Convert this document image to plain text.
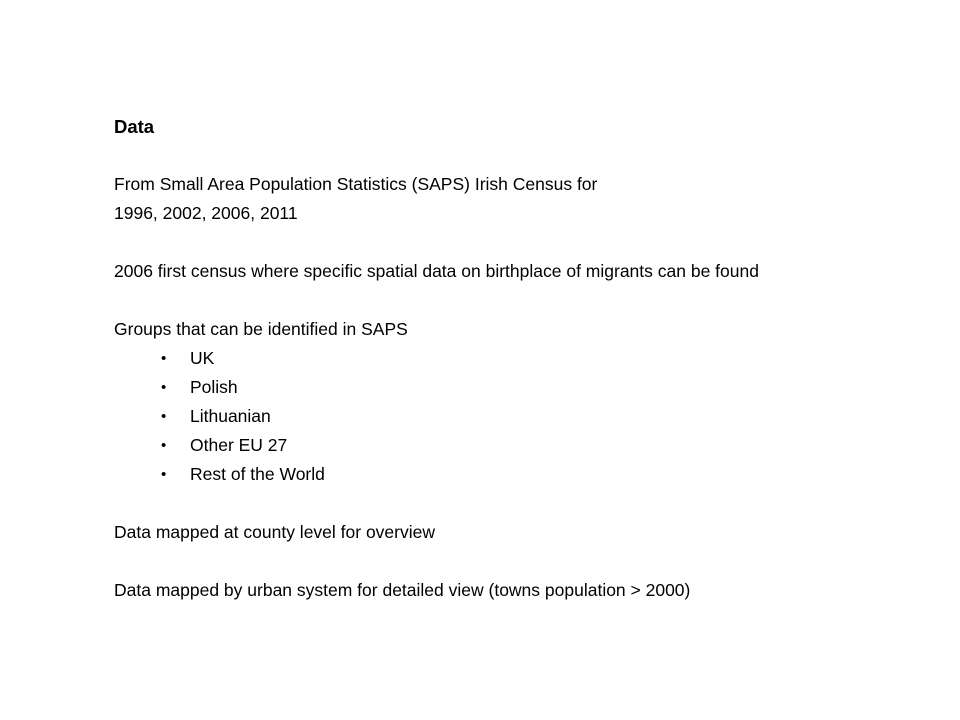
Data
From Small Area Population Statistics (SAPS) Irish Census for
1996, 2002, 2006, 2011
2006 first census where specific spatial data on birthplace of migrants can be found
Groups that can be identified in SAPS
• UK
• Polish
• Lithuanian
• Other EU 27
• Rest of the World
Data mapped at county level for overview
Data mapped by urban system for detailed view (towns population > 2000)
